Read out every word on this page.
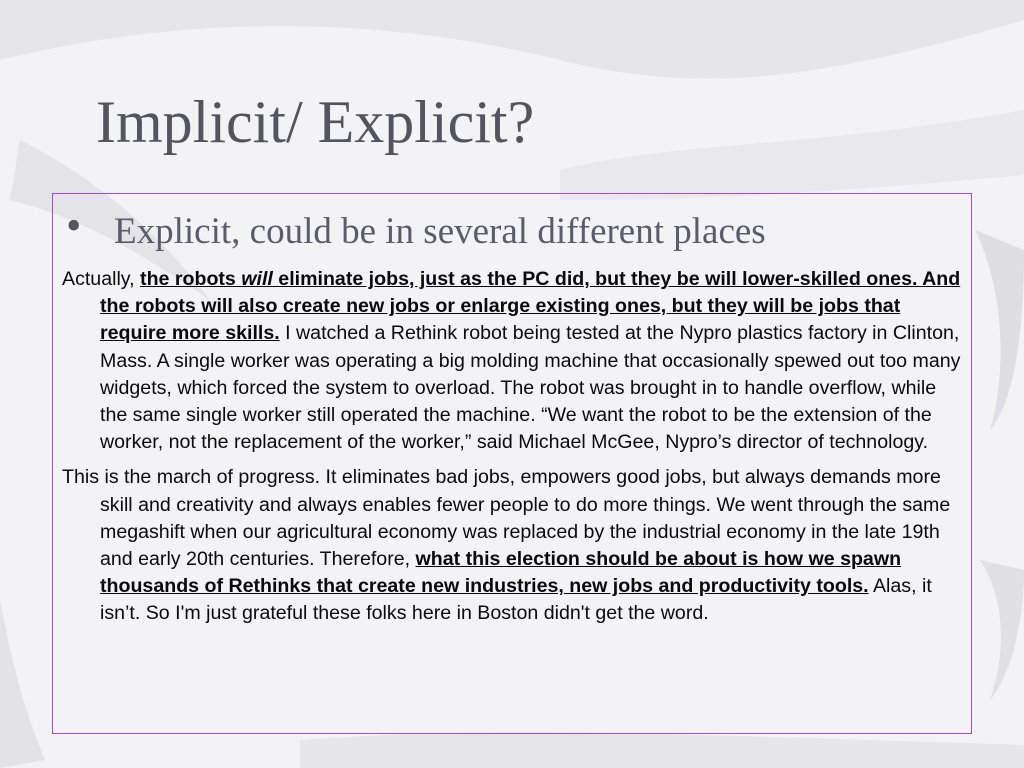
Implicit/ Explicit?
• Explicit, could be in several different places

Actually, the robots will eliminate jobs, just as the PC did, but they be will lower-skilled ones. And the robots will also create new jobs or enlarge existing ones, but they will be jobs that require more skills. I watched a Rethink robot being tested at the Nypro plastics factory in Clinton, Mass. A single worker was operating a big molding machine that occasionally spewed out too many widgets, which forced the system to overload. The robot was brought in to handle overflow, while the same single worker still operated the machine. “We want the robot to be the extension of the worker, not the replacement of the worker,” said Michael McGee, Nypro’s director of technology.

This is the march of progress. It eliminates bad jobs, empowers good jobs, but always demands more skill and creativity and always enables fewer people to do more things. We went through the same megashift when our agricultural economy was replaced by the industrial economy in the late 19th and early 20th centuries. Therefore, what this election should be about is how we spawn thousands of Rethinks that create new industries, new jobs and productivity tools. Alas, it isn’t. So I'm just grateful these folks here in Boston didn't get the word.
